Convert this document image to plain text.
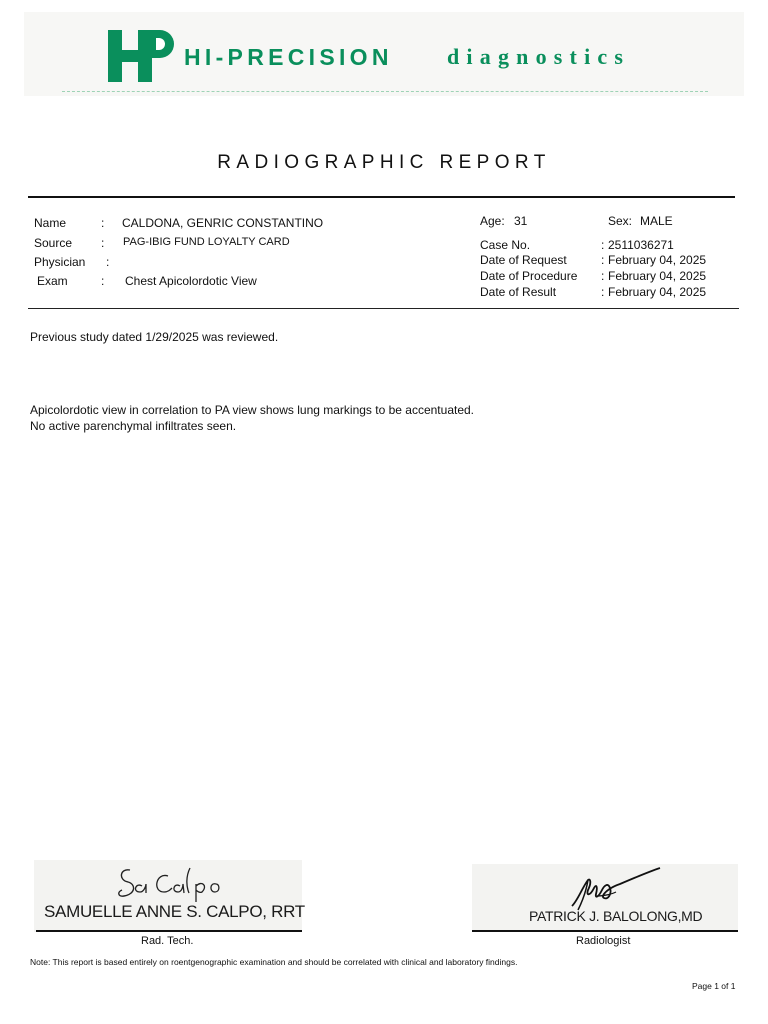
HI-PRECISION diagnostics
RADIOGRAPHIC REPORT
Name	: CALDONA, GENRIC CONSTANTINO
Source : PAG-IBIG FUND LOYALTY CARD
Physician :
Exam	: Chest Apicolordotic View
Age: 31	Sex: MALE
Case No.	: 2511036271
Date of Request	: February 04, 2025
Date of Procedure : February 04, 2025
Date of Result	: February 04, 2025
Previous study dated 1/29/2025 was reviewed.
Apicolordotic view in correlation to PA view shows lung markings to be accentuated.
No active parenchymal infiltrates seen.
SAMUELLE ANNE S. CALPO, RRT
Rad. Tech.
PATRICK J. BALOLONG,MD
Radiologist
Note: This report is based entirely on roentgenographic examination and should be correlated with clinical and laboratory findings.
Page 1 of 1
